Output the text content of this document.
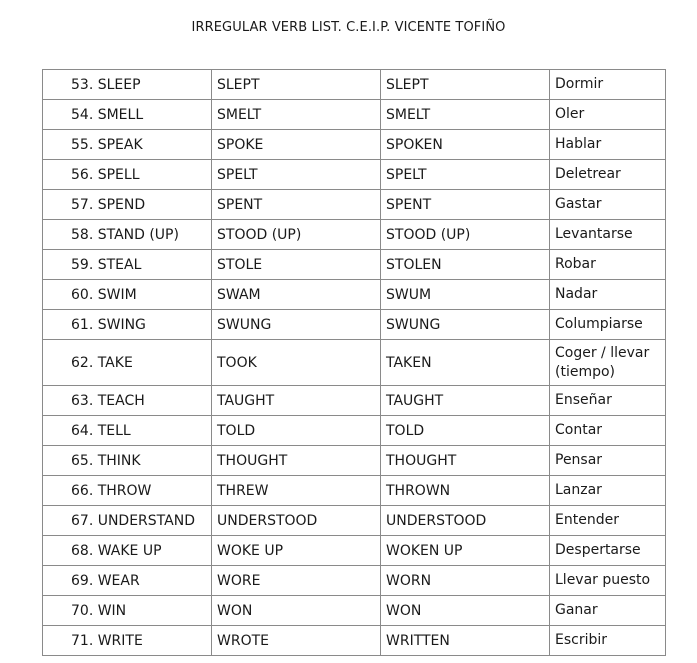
IRREGULAR VERB LIST. C.E.I.P. VICENTE TOFIÑO
53. SLEEP	SLEPT	SLEPT	Dormir
54. SMELL	SMELT	SMELT	Oler
55. SPEAK	SPOKE	SPOKEN	Hablar
56. SPELL	SPELT	SPELT	Deletrear
57. SPEND	SPENT	SPENT	Gastar
58. STAND (UP)	STOOD (UP)	STOOD (UP)	Levantarse
59. STEAL	STOLE	STOLEN	Robar
60. SWIM	SWAM	SWUM	Nadar
61. SWING	SWUNG	SWUNG	Columpiarse
62. TAKE	TOOK	TAKEN	Coger / llevar (tiempo)
63. TEACH	TAUGHT	TAUGHT	Enseñar
64. TELL	TOLD	TOLD	Contar
65. THINK	THOUGHT	THOUGHT	Pensar
66. THROW	THREW	THROWN	Lanzar
67. UNDERSTAND	UNDERSTOOD	UNDERSTOOD	Entender
68. WAKE UP	WOKE UP	WOKEN UP	Despertarse
69. WEAR	WORE	WORN	Llevar puesto
70. WIN	WON	WON	Ganar
71. WRITE	WROTE	WRITTEN	Escribir
